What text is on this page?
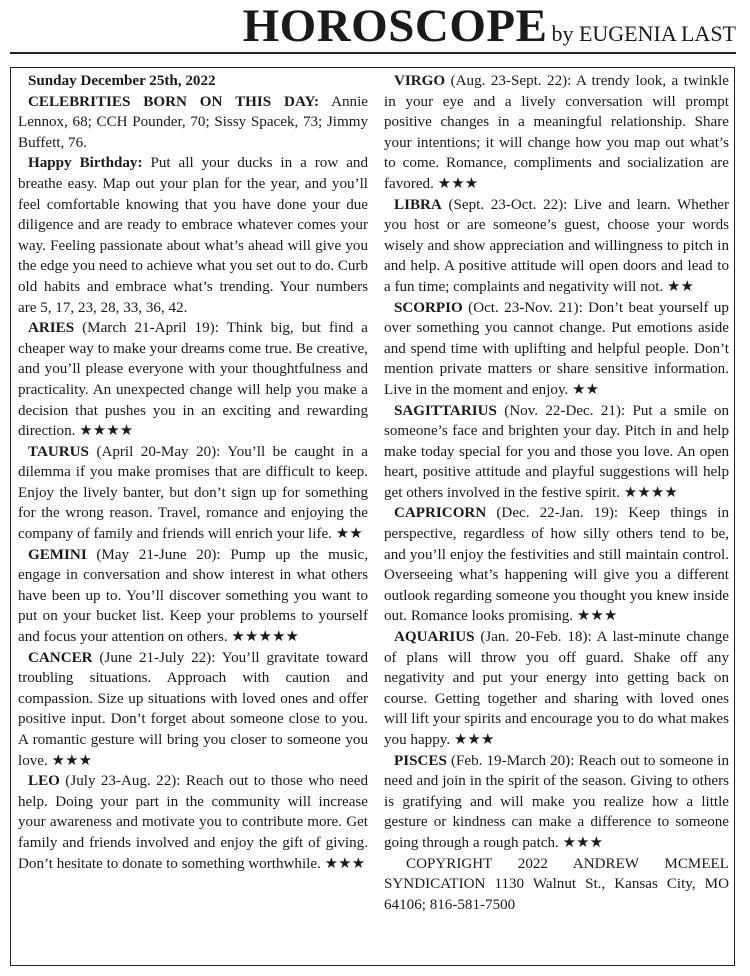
HOROSCOPE by EUGENIA LAST

Sunday December 25th, 2022

CELEBRITIES BORN ON THIS DAY: Annie Lennox, 68; CCH Pounder, 70; Sissy Spacek, 73; Jimmy Buffett, 76.

Happy Birthday: Put all your ducks in a row and breathe easy. Map out your plan for the year, and you’ll feel comfortable knowing that you have done your due diligence and are ready to embrace whatever comes your way. Feeling passionate about what’s ahead will give you the edge you need to achieve what you set out to do. Curb old habits and embrace what’s trending. Your numbers are 5, 17, 23, 28, 33, 36, 42.

ARIES (March 21-April 19): Think big, but find a cheaper way to make your dreams come true. Be creative, and you’ll please everyone with your thoughtfulness and practicality. An unexpected change will help you make a decision that pushes you in an exciting and rewarding direction. ★★★★

TAURUS (April 20-May 20): You’ll be caught in a dilemma if you make promises that are difficult to keep. Enjoy the lively banter, but don’t sign up for something for the wrong reason. Travel, romance and enjoying the company of family and friends will enrich your life. ★★

GEMINI (May 21-June 20): Pump up the music, engage in conversation and show interest in what others have been up to. You’ll discover something you want to put on your bucket list. Keep your problems to yourself and focus your attention on others. ★★★★★

CANCER (June 21-July 22): You’ll gravitate toward troubling situations. Approach with caution and compassion. Size up situations with loved ones and offer positive input. Don’t forget about someone close to you. A romantic gesture will bring you closer to someone you love. ★★★

LEO (July 23-Aug. 22): Reach out to those who need help. Doing your part in the community will increase your awareness and motivate you to contribute more. Get family and friends involved and enjoy the gift of giving. Don’t hesitate to donate to something worthwhile. ★★★

VIRGO (Aug. 23-Sept. 22): A trendy look, a twinkle in your eye and a lively conversation will prompt positive changes in a meaningful relationship. Share your intentions; it will change how you map out what’s to come. Romance, compliments and socialization are favored. ★★★

LIBRA (Sept. 23-Oct. 22): Live and learn. Whether you host or are someone’s guest, choose your words wisely and show appreciation and willingness to pitch in and help. A positive attitude will open doors and lead to a fun time; complaints and negativity will not. ★★

SCORPIO (Oct. 23-Nov. 21): Don’t beat yourself up over something you cannot change. Put emotions aside and spend time with uplifting and helpful people. Don’t mention private matters or share sensitive information. Live in the moment and enjoy. ★★

SAGITTARIUS (Nov. 22-Dec. 21): Put a smile on someone’s face and brighten your day. Pitch in and help make today special for you and those you love. An open heart, positive attitude and playful suggestions will help get others involved in the festive spirit. ★★★★

CAPRICORN (Dec. 22-Jan. 19): Keep things in perspective, regardless of how silly others tend to be, and you’ll enjoy the festivities and still maintain control. Overseeing what’s happening will give you a different outlook regarding someone you thought you knew inside out. Romance looks promising. ★★★

AQUARIUS (Jan. 20-Feb. 18): A last-minute change of plans will throw you off guard. Shake off any negativity and put your energy into getting back on course. Getting together and sharing with loved ones will lift your spirits and encourage you to do what makes you happy. ★★★

PISCES (Feb. 19-March 20): Reach out to someone in need and join in the spirit of the season. Giving to others is gratifying and will make you realize how a little gesture or kindness can make a difference to someone going through a rough patch. ★★★

COPYRIGHT 2022 ANDREW MCMEEL SYNDICATION 1130 Walnut St., Kansas City, MO 64106; 816-581-7500
